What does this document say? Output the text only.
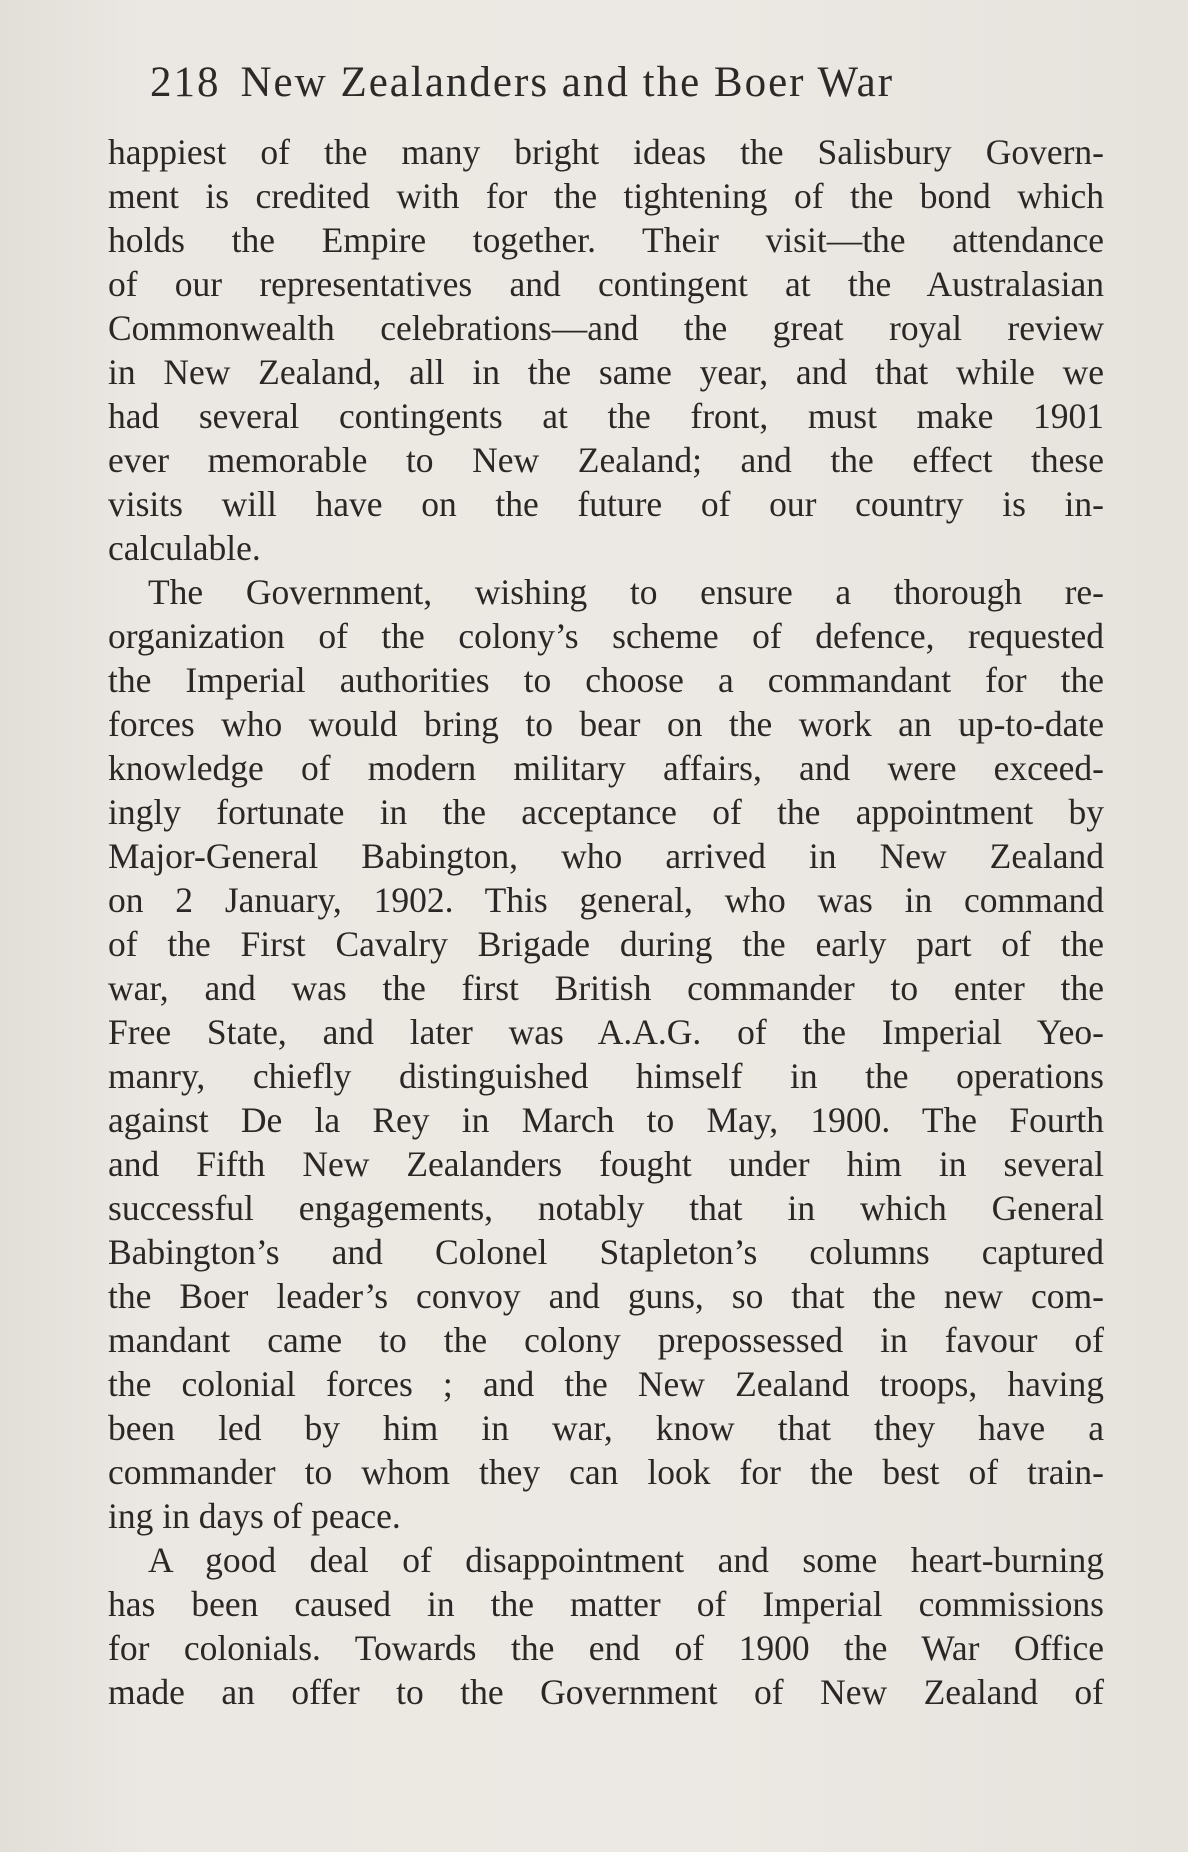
218 New Zealanders and the Boer War
happiest of the many bright ideas the Salisbury Govern-
ment is credited with for the tightening of the bond which
holds the Empire together. Their visit—the attendance
of our representatives and contingent at the Australasian
Commonwealth celebrations—and the great royal review
in New Zealand, all in the same year, and that while we
had several contingents at the front, must make 1901
ever memorable to New Zealand; and the effect these
visits will have on the future of our country is in-
calculable.
The Government, wishing to ensure a thorough re-
organization of the colony’s scheme of defence, requested
the Imperial authorities to choose a commandant for the
forces who would bring to bear on the work an up-to-date
knowledge of modern military affairs, and were exceed-
ingly fortunate in the acceptance of the appointment by
Major-General Babington, who arrived in New Zealand
on 2 January, 1902. This general, who was in command
of the First Cavalry Brigade during the early part of the
war, and was the first British commander to enter the
Free State, and later was A.A.G. of the Imperial Yeo-
manry, chiefly distinguished himself in the operations
against De la Rey in March to May, 1900. The Fourth
and Fifth New Zealanders fought under him in several
successful engagements, notably that in which General
Babington’s and Colonel Stapleton’s columns captured
the Boer leader’s convoy and guns, so that the new com-
mandant came to the colony prepossessed in favour of
the colonial forces ; and the New Zealand troops, having
been led by him in war, know that they have a
commander to whom they can look for the best of train-
ing in days of peace.
A good deal of disappointment and some heart-burning
has been caused in the matter of Imperial commissions
for colonials. Towards the end of 1900 the War Office
made an offer to the Government of New Zealand of
